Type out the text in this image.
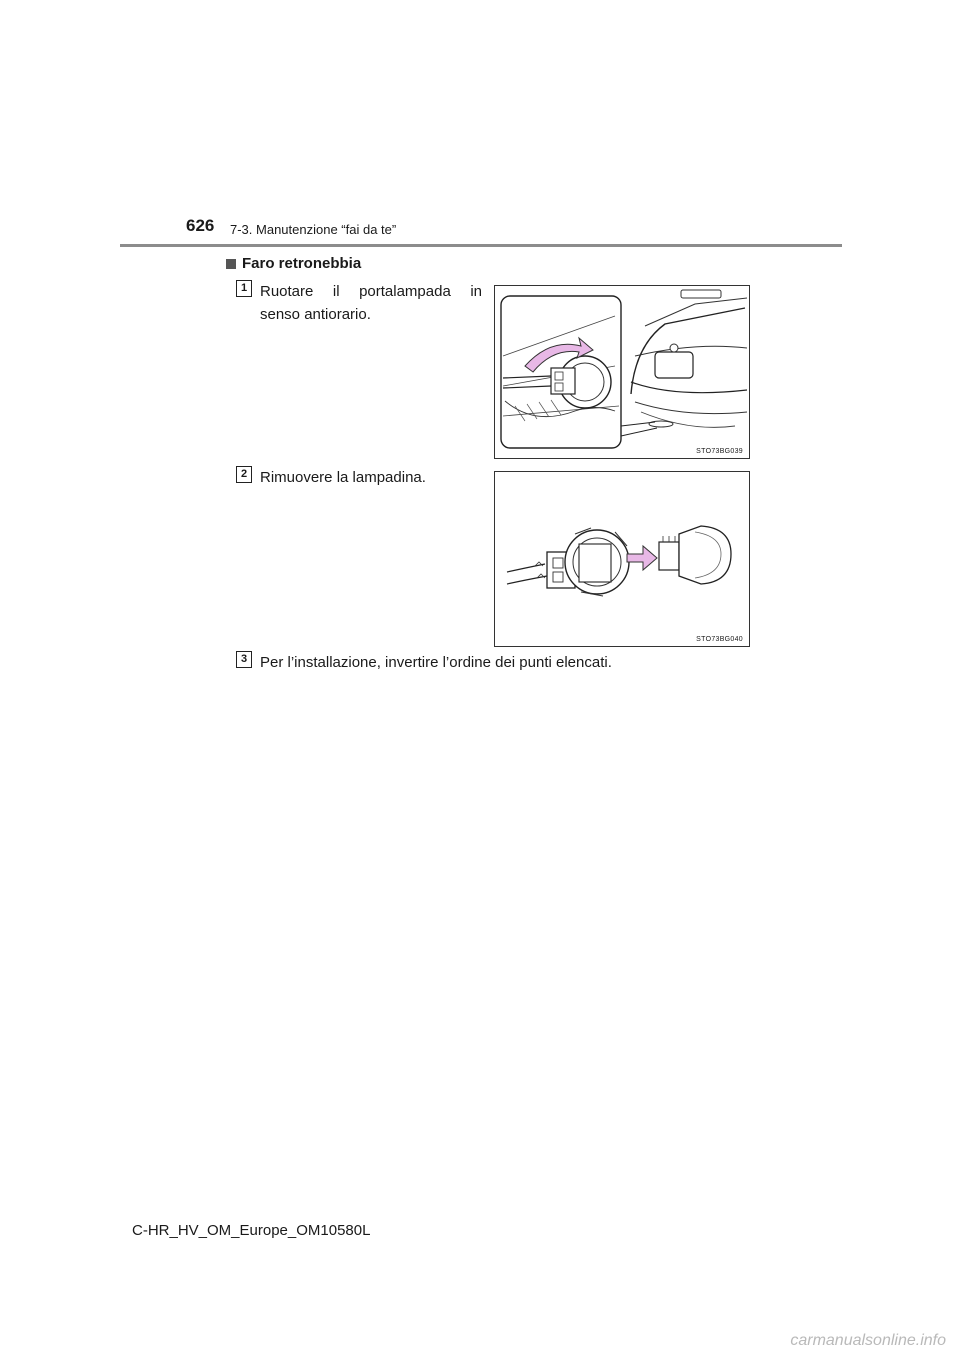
626 7-3. Manutenzione “fai da te”
Faro retronebbia
1 Ruotare il portalampada in
senso antiorario.
STO73BG039
2 Rimuovere la lampadina.
STO73BG040
3 Per l’installazione, invertire l’ordine dei punti elencati.
C-HR_HV_OM_Europe_OM10580L
carmanualsonline.info
